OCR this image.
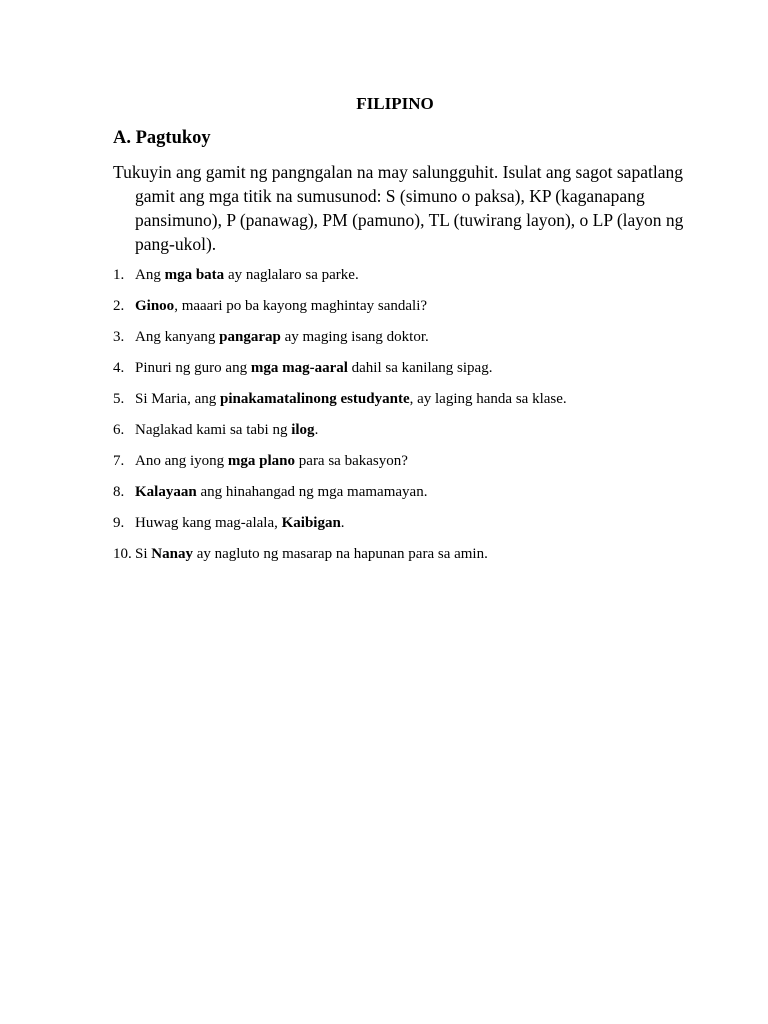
FILIPINO
A. Pagtukoy

Tukuyin ang gamit ng pangngalan na may salungguhit. Isulat ang sagot sapatlang gamit ang mga titik na sumusunod: S (simuno o paksa), KP (kaganapang pansimuno), P (panawag), PM (pamuno), TL (tuwirang layon), o LP (layon ng pang-ukol).

1. Ang mga bata ay naglalaro sa parke.
2. Ginoo, maaari po ba kayong maghintay sandali?
3. Ang kanyang pangarap ay maging isang doktor.
4. Pinuri ng guro ang mga mag-aaral dahil sa kanilang sipag.
5. Si Maria, ang pinakamatalinong estudyante, ay laging handa sa klase.
6. Naglakad kami sa tabi ng ilog.
7. Ano ang iyong mga plano para sa bakasyon?
8. Kalayaan ang hinahangad ng mga mamamayan.
9. Huwag kang mag-alala, Kaibigan.
10. Si Nanay ay nagluto ng masarap na hapunan para sa amin.
